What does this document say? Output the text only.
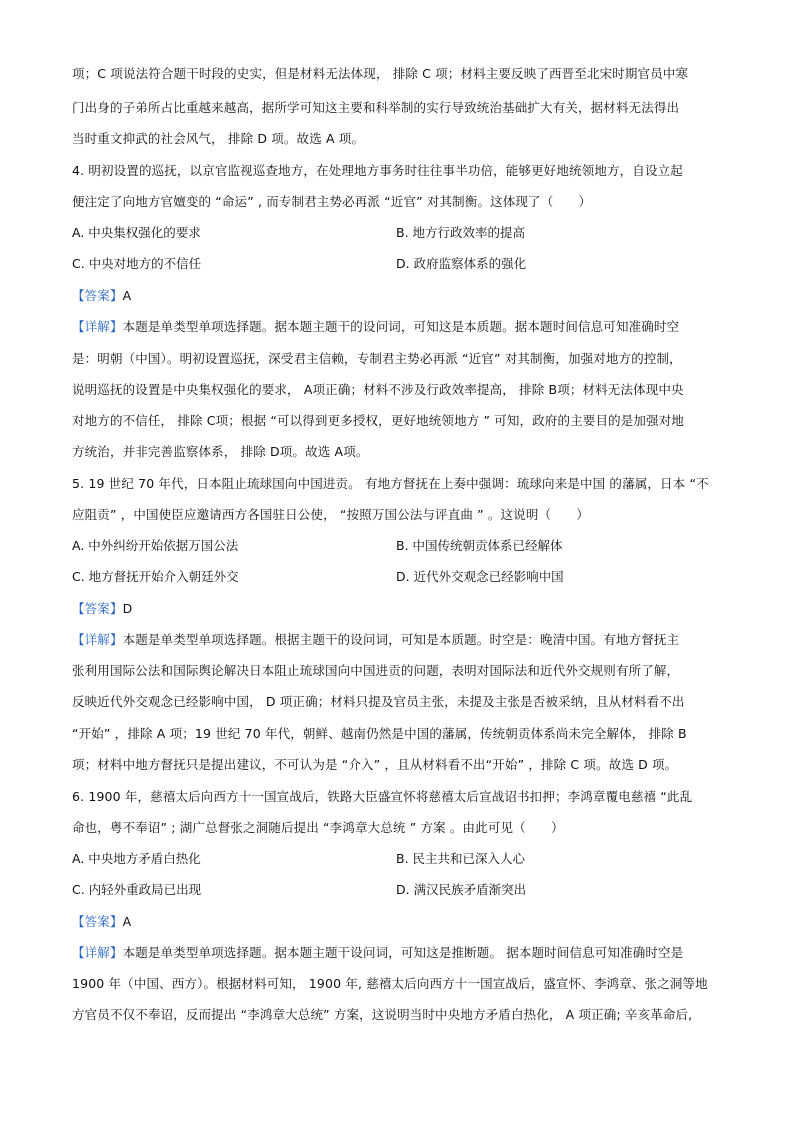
项；C 项说法符合题干时段的史实，但是材料无法体现， 排除 C 项；材料主要反映了西晋至北宋时期官员中寒
门出身的子弟所占比重越来越高，据所学可知这主要和科举制的实行导致统治基础扩大有关，据材料无法得出
当时重文抑武的社会风气， 排除 D 项。故选 A 项。
4. 明初设置的巡抚，以京官监视巡查地方，在处理地方事务时往往事半功倍，能够更好地统领地方，自设立起
便注定了向地方官嬗变的 “命运” , 而专制君主势必再派 “近官” 对其制衡。这体现了（　　）
A. 中央集权强化的要求	B. 地方行政效率的提高
C. 中央对地方的不信任	D. 政府监察体系的强化
【答案】A
【详解】本题是单类型单项选择题。据本题主题干的设问词，可知这是本质题。据本题时间信息可知准确时空
是：明朝（中国）。明初设置巡抚，深受君主信赖，专制君主势必再派 “近官” 对其制衡，加强对地方的控制，
说明巡抚的设置是中央集权强化的要求， A项正确；材料不涉及行政效率提高， 排除 B项；材料无法体现中央
对地方的不信任， 排除 C项；根据 “可以得到更多授权，更好地统领地方 ” 可知，政府的主要目的是加强对地
方统治，并非完善监察体系， 排除 D项。故选 A项。
5. 19 世纪 70 年代，日本阻止琉球国向中国进贡。 有地方督抚在上奏中强调：琉球向来是中国 的藩属，日本 “不
应阻贡” ，中国使臣应邀请西方各国驻日公使， “按照万国公法与评直曲 ” 。这说明（　　）
A. 中外纠纷开始依据万国公法	B. 中国传统朝贡体系已经解体
C. 地方督抚开始介入朝廷外交	D. 近代外交观念已经影响中国
【答案】D
【详解】本题是单类型单项选择题。根据主题干的设问词，可知是本质题。时空是：晚清中国。有地方督抚主
张利用国际公法和国际舆论解决日本阻止琉球国向中国进贡的问题，表明对国际法和近代外交规则有所了解，
反映近代外交观念已经影响中国， D 项正确；材料只提及官员主张，未提及主张是否被采纳，且从材料看不出
“开始” ，排除 A 项；19 世纪 70 年代，朝鲜、越南仍然是中国的藩属，传统朝贡体系尚未完全解体， 排除 B
项；材料中地方督抚只是提出建议，不可认为是 “介入” ，且从材料看不出“开始” ，排除 C 项。故选 D 项。
6. 1900 年，慈禧太后向西方十一国宣战后，铁路大臣盛宣怀将慈禧太后宣战诏书扣押；李鸿章覆电慈禧 “此乱
命也，粤不奉诏” ; 湖广总督张之洞随后提出 “李鸿章大总统 ” 方案 。由此可见（　　）
A. 中央地方矛盾白热化	B. 民主共和已深入人心
C. 内轻外重政局已出现	D. 满汉民族矛盾渐突出
【答案】A
【详解】本题是单类型单项选择题。据本题主题干设问词，可知这是推断题。 据本题时间信息可知准确时空是
1900 年（中国、西方）。根据材料可知， 1900 年, 慈禧太后向西方十一国宣战后，盛宣怀、李鸿章、张之洞等地
方官员不仅不奉诏，反而提出 “李鸿章大总统” 方案，这说明当时中央地方矛盾白热化， A 项正确; 辛亥革命后,
